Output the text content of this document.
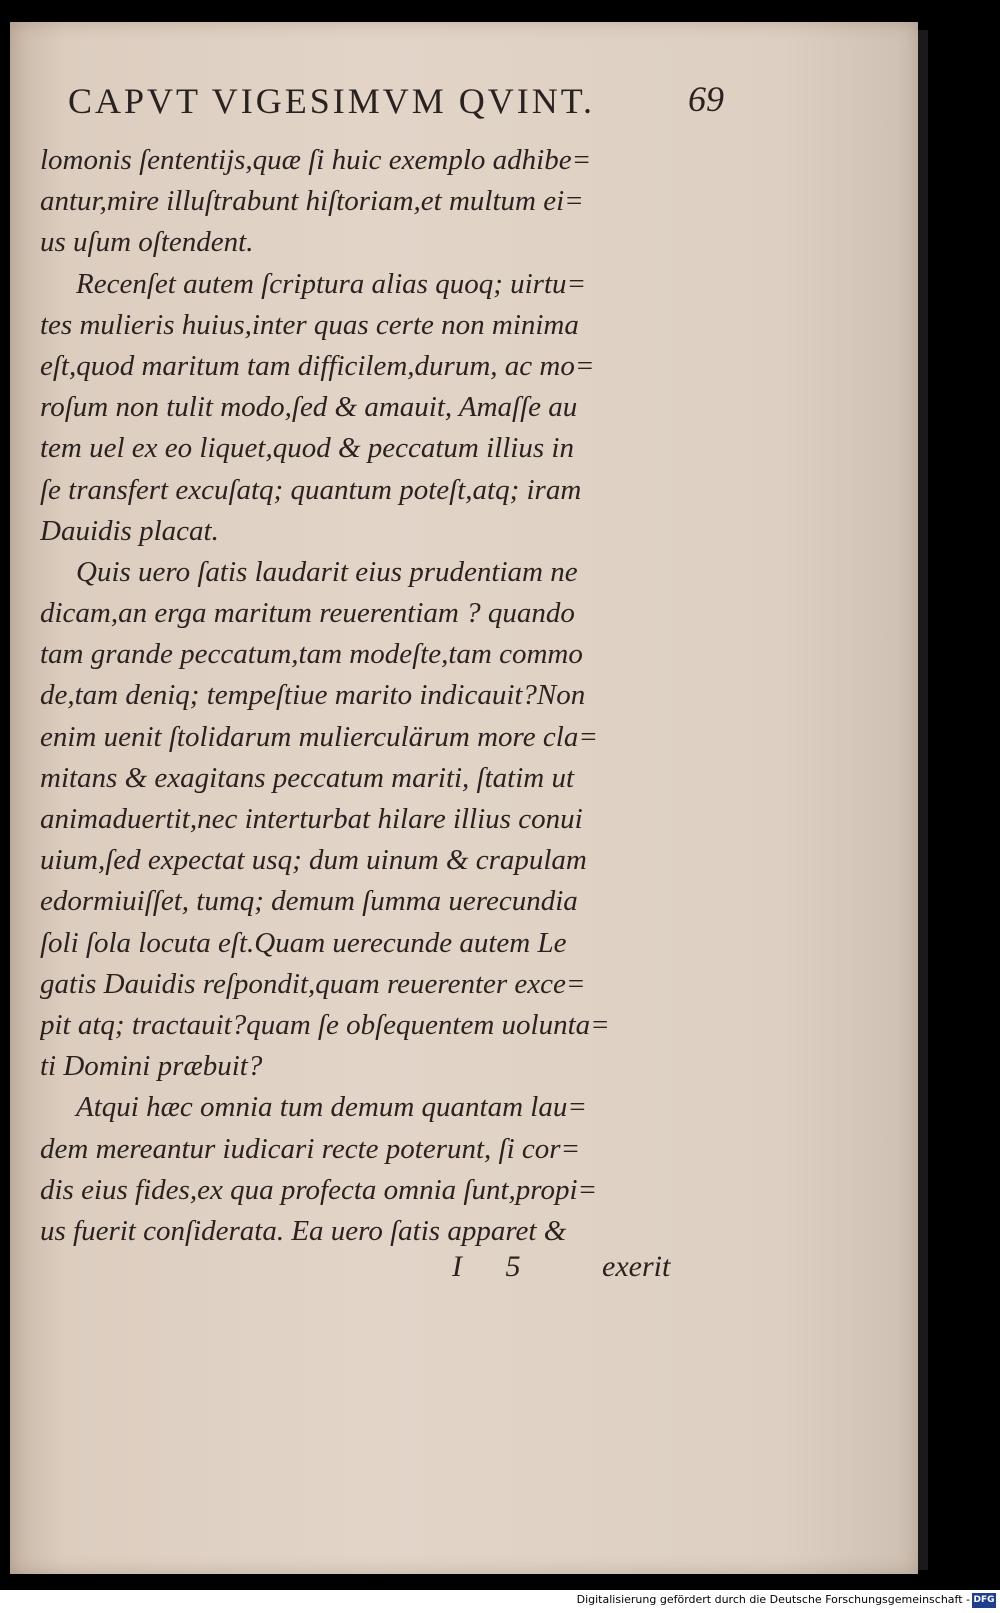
CAPVT VIGESIMVM QVINT.	69
lomonis ſententijs,quæ ſi huic exemplo adhibe=
antur,mire illuſtrabunt hiſtoriam,et multum ei=
us uſum oſtendent.
Recenſet autem ſcriptura alias quoq; uirtu=
tes mulieris huius,inter quas certe non minima
eſt,quod maritum tam difficilem,durum, ac mo=
roſum non tulit modo,ſed & amauit, Amaſſe au
tem uel ex eo liquet,quod & peccatum illius in
ſe transfert excuſatq; quantum poteſt,atq; iram
Dauidis placat.
Quis uero ſatis laudarit eius prudentiam ne
dicam,an erga maritum reuerentiam ? quando
tam grande peccatum,tam modeſte,tam commo
de,tam deniq; tempeſtiue marito indicauit?Non
enim uenit ſtolidarum mulierculärum more cla=
mitans & exagitans peccatum mariti, ſtatim ut
animaduertit,nec interturbat hilare illius conui
uium,ſed expectat usq; dum uinum & crapulam
edormiuiſſet, tumq; demum ſumma uerecundia
ſoli ſola locuta eſt.Quam uerecunde autem Le
gatis Dauidis reſpondit,quam reuerenter exce=
pit atq; tractauit?quam ſe obſequentem uolunta=
ti Domini præbuit?
Atqui hæc omnia tum demum quantam lau=
dem mereantur iudicari recte poterunt, ſi cor=
dis eius fides,ex qua profecta omnia ſunt,propi=
us fuerit conſiderata. Ea uero ſatis apparet &
I 5 exerit
Digitalisierung gefördert durch die Deutsche Forschungsgemeinschaft - DFG
